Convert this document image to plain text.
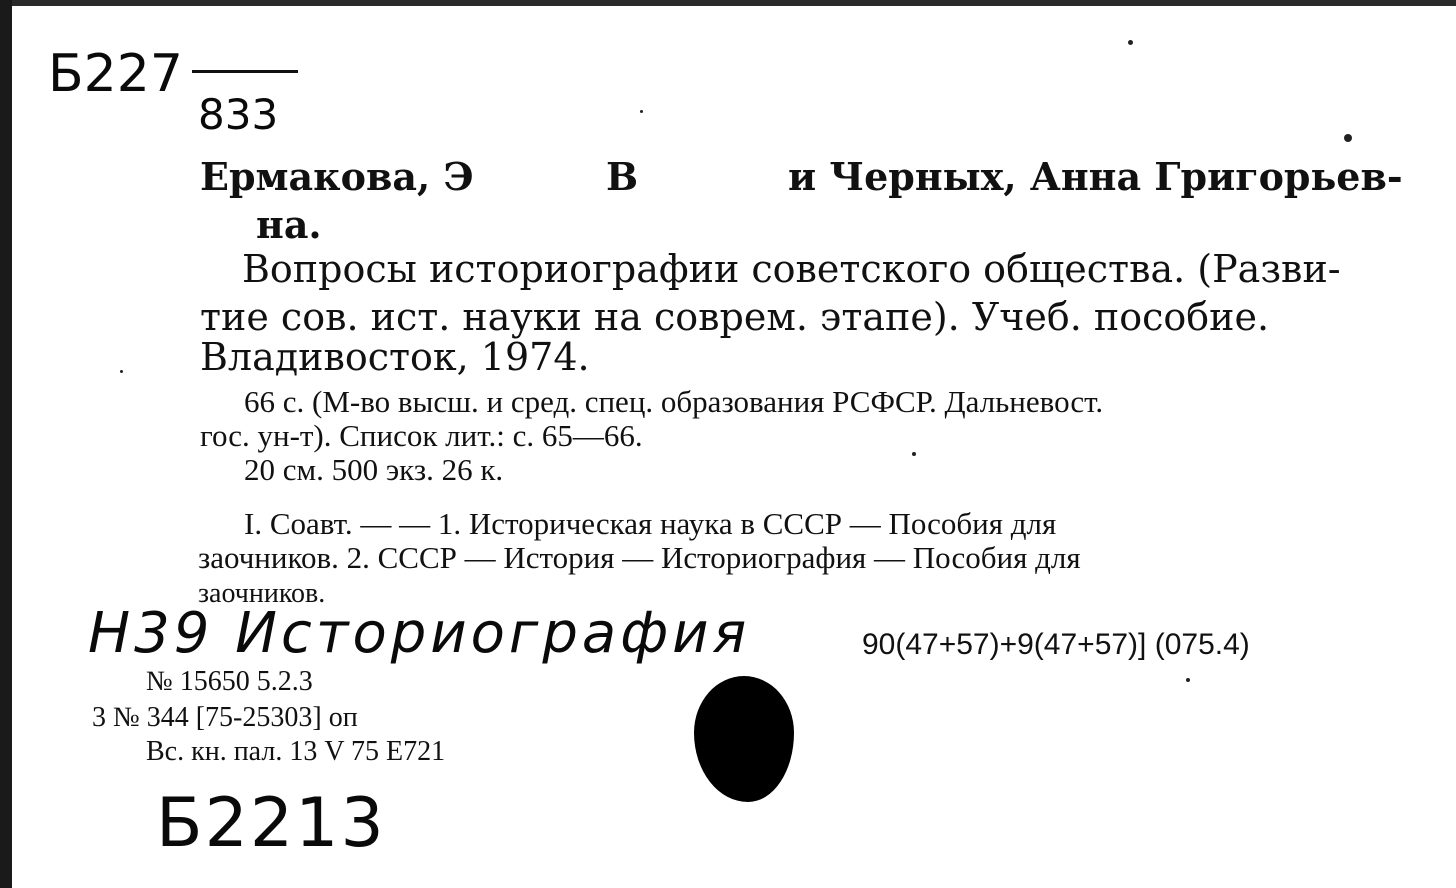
Б227
833
Ермакова, Э	В	и Черных, Анна Григорьев-
на.
Вопросы историографии советского общества. (Разви-
тие сов. ист. науки на соврем. этапе). Учеб. пособие.
Владивосток, 1974.
66 с. (М-во высш. и сред. спец. образования РСФСР. Дальневост.
гос. ун-т). Список лит.: с. 65—66.
20 см. 500 экз. 26 к.
I. Соавт. — — 1. Историческая наука в СССР — Пособия для
заочников. 2. СССР — История — Историография — Пособия для
заочников.
Н39 Историография	90(47+57)+9(47+57)] (075.4)
№ 15650 5.2.3
3 № 344 [75-25303] оп
Вс. кн. пал. 13 V 75 E721
Б2213
